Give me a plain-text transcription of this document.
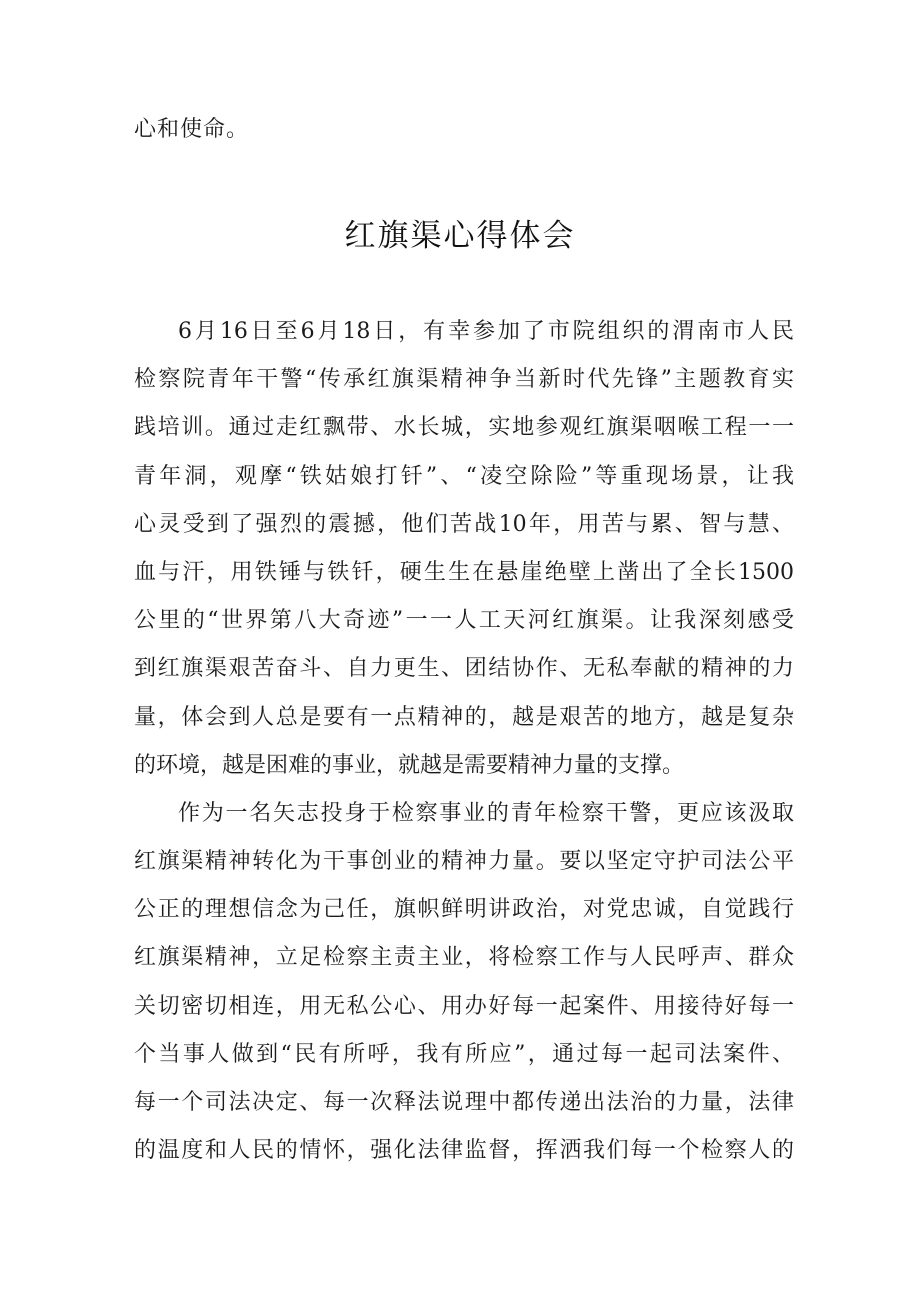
心和使命。
红旗渠心得体会
6月16日至6月18日，有幸参加了市院组织的渭南市人民
检察院青年干警“传承红旗渠精神争当新时代先锋”主题教育实
践培训。通过走红飘带、水长城，实地参观红旗渠咽喉工程一一
青年洞，观摩“铁姑娘打钎”、“凌空除险”等重现场景，让我
心灵受到了强烈的震撼，他们苦战10年，用苦与累、智与慧、
血与汗，用铁锤与铁钎，硬生生在悬崖绝壁上凿出了全长1500
公里的“世界第八大奇迹”一一人工天河红旗渠。让我深刻感受
到红旗渠艰苦奋斗、自力更生、团结协作、无私奉献的精神的力
量，体会到人总是要有一点精神的，越是艰苦的地方，越是复杂
的环境，越是困难的事业，就越是需要精神力量的支撑。
作为一名矢志投身于检察事业的青年检察干警，更应该汲取
红旗渠精神转化为干事创业的精神力量。要以坚定守护司法公平
公正的理想信念为己任，旗帜鲜明讲政治，对党忠诚，自觉践行
红旗渠精神，立足检察主责主业，将检察工作与人民呼声、群众
关切密切相连，用无私公心、用办好每一起案件、用接待好每一
个当事人做到“民有所呼，我有所应”，通过每一起司法案件、
每一个司法决定、每一次释法说理中都传递出法治的力量，法律
的温度和人民的情怀，强化法律监督，挥洒我们每一个检察人的
